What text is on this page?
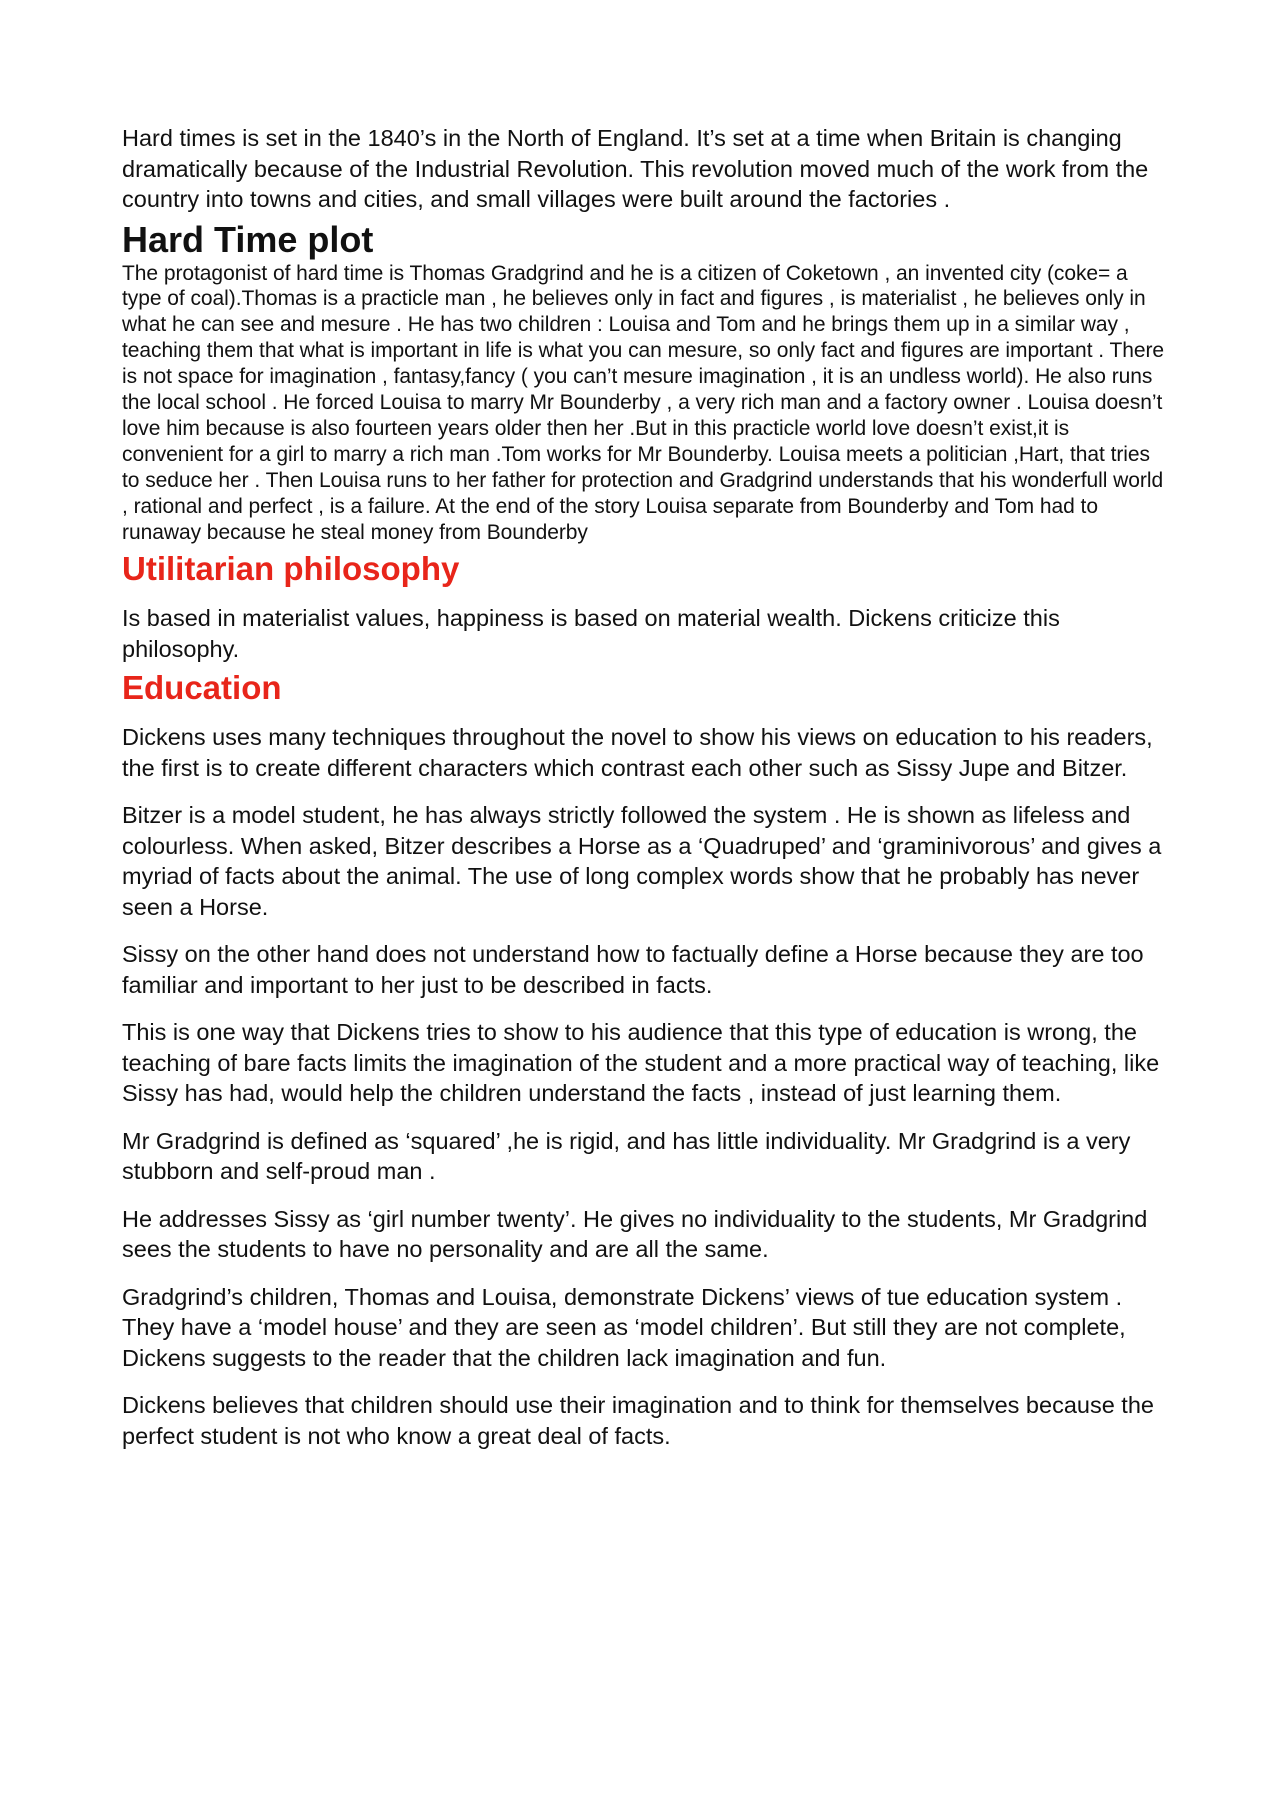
Hard times is set in the 1840’s in the North of England. It’s set at a time when Britain is changing dramatically because of the Industrial Revolution. This revolution moved much of the work from the country into towns and cities, and small villages were built around the factories .

Hard Time plot

The protagonist of hard time is Thomas Gradgrind and he is a citizen of Coketown , an invented city (coke= a type of coal).Thomas is a practicle man , he believes only in fact and figures , is materialist , he believes only in what he can see and mesure . He has two children : Louisa and Tom and he brings them up in a similar way , teaching them that what is important in life is what you can mesure, so only fact and figures are important . There is not space for imagination , fantasy,fancy ( you can’t mesure imagination , it is an undless world). He also runs the local school . He forced Louisa to marry Mr Bounderby , a very rich man and a factory owner . Louisa doesn’t love him because is also fourteen years older then her .But in this practicle world love doesn’t exist,it is convenient for a girl to marry a rich man .Tom works for Mr Bounderby. Louisa meets a politician ,Hart, that tries to seduce her . Then Louisa runs to her father for protection and Gradgrind understands that his wonderfull world , rational and perfect , is a failure. At the end of the story Louisa separate from Bounderby and Tom had to runaway because he steal money from Bounderby

Utilitarian philosophy

Is based in materialist values, happiness is based on material wealth. Dickens criticize this philosophy.

Education

Dickens uses many techniques throughout the novel to show his views on education to his readers, the first is to create different characters which contrast each other such as Sissy Jupe and Bitzer.

Bitzer is a model student, he has always strictly followed the system . He is shown as lifeless and colourless. When asked, Bitzer describes a Horse as a ‘Quadruped’ and ‘graminivorous’ and gives a myriad of facts about the animal. The use of long complex words show that he probably has never seen a Horse.

Sissy on the other hand does not understand how to factually define a Horse because they are too familiar and important to her just to be described in facts.

This is one way that Dickens tries to show to his audience that this type of education is wrong, the teaching of bare facts limits the imagination of the student and a more practical way of teaching, like Sissy has had, would help the children understand the facts , instead of just learning them.

Mr Gradgrind is defined as ‘squared’ ,he is rigid, and has little individuality. Mr Gradgrind is a very stubborn and self-proud man .

He addresses Sissy as ‘girl number twenty’. He gives no individuality to the students, Mr Gradgrind sees the students to have no personality and are all the same.

Gradgrind’s children, Thomas and Louisa, demonstrate Dickens’ views of tue education system . They have a ‘model house’ and they are seen as ‘model children’. But still they are not complete, Dickens suggests to the reader that the children lack imagination and fun.

Dickens believes that children should use their imagination and to think for themselves because the perfect student is not who know a great deal of facts.
